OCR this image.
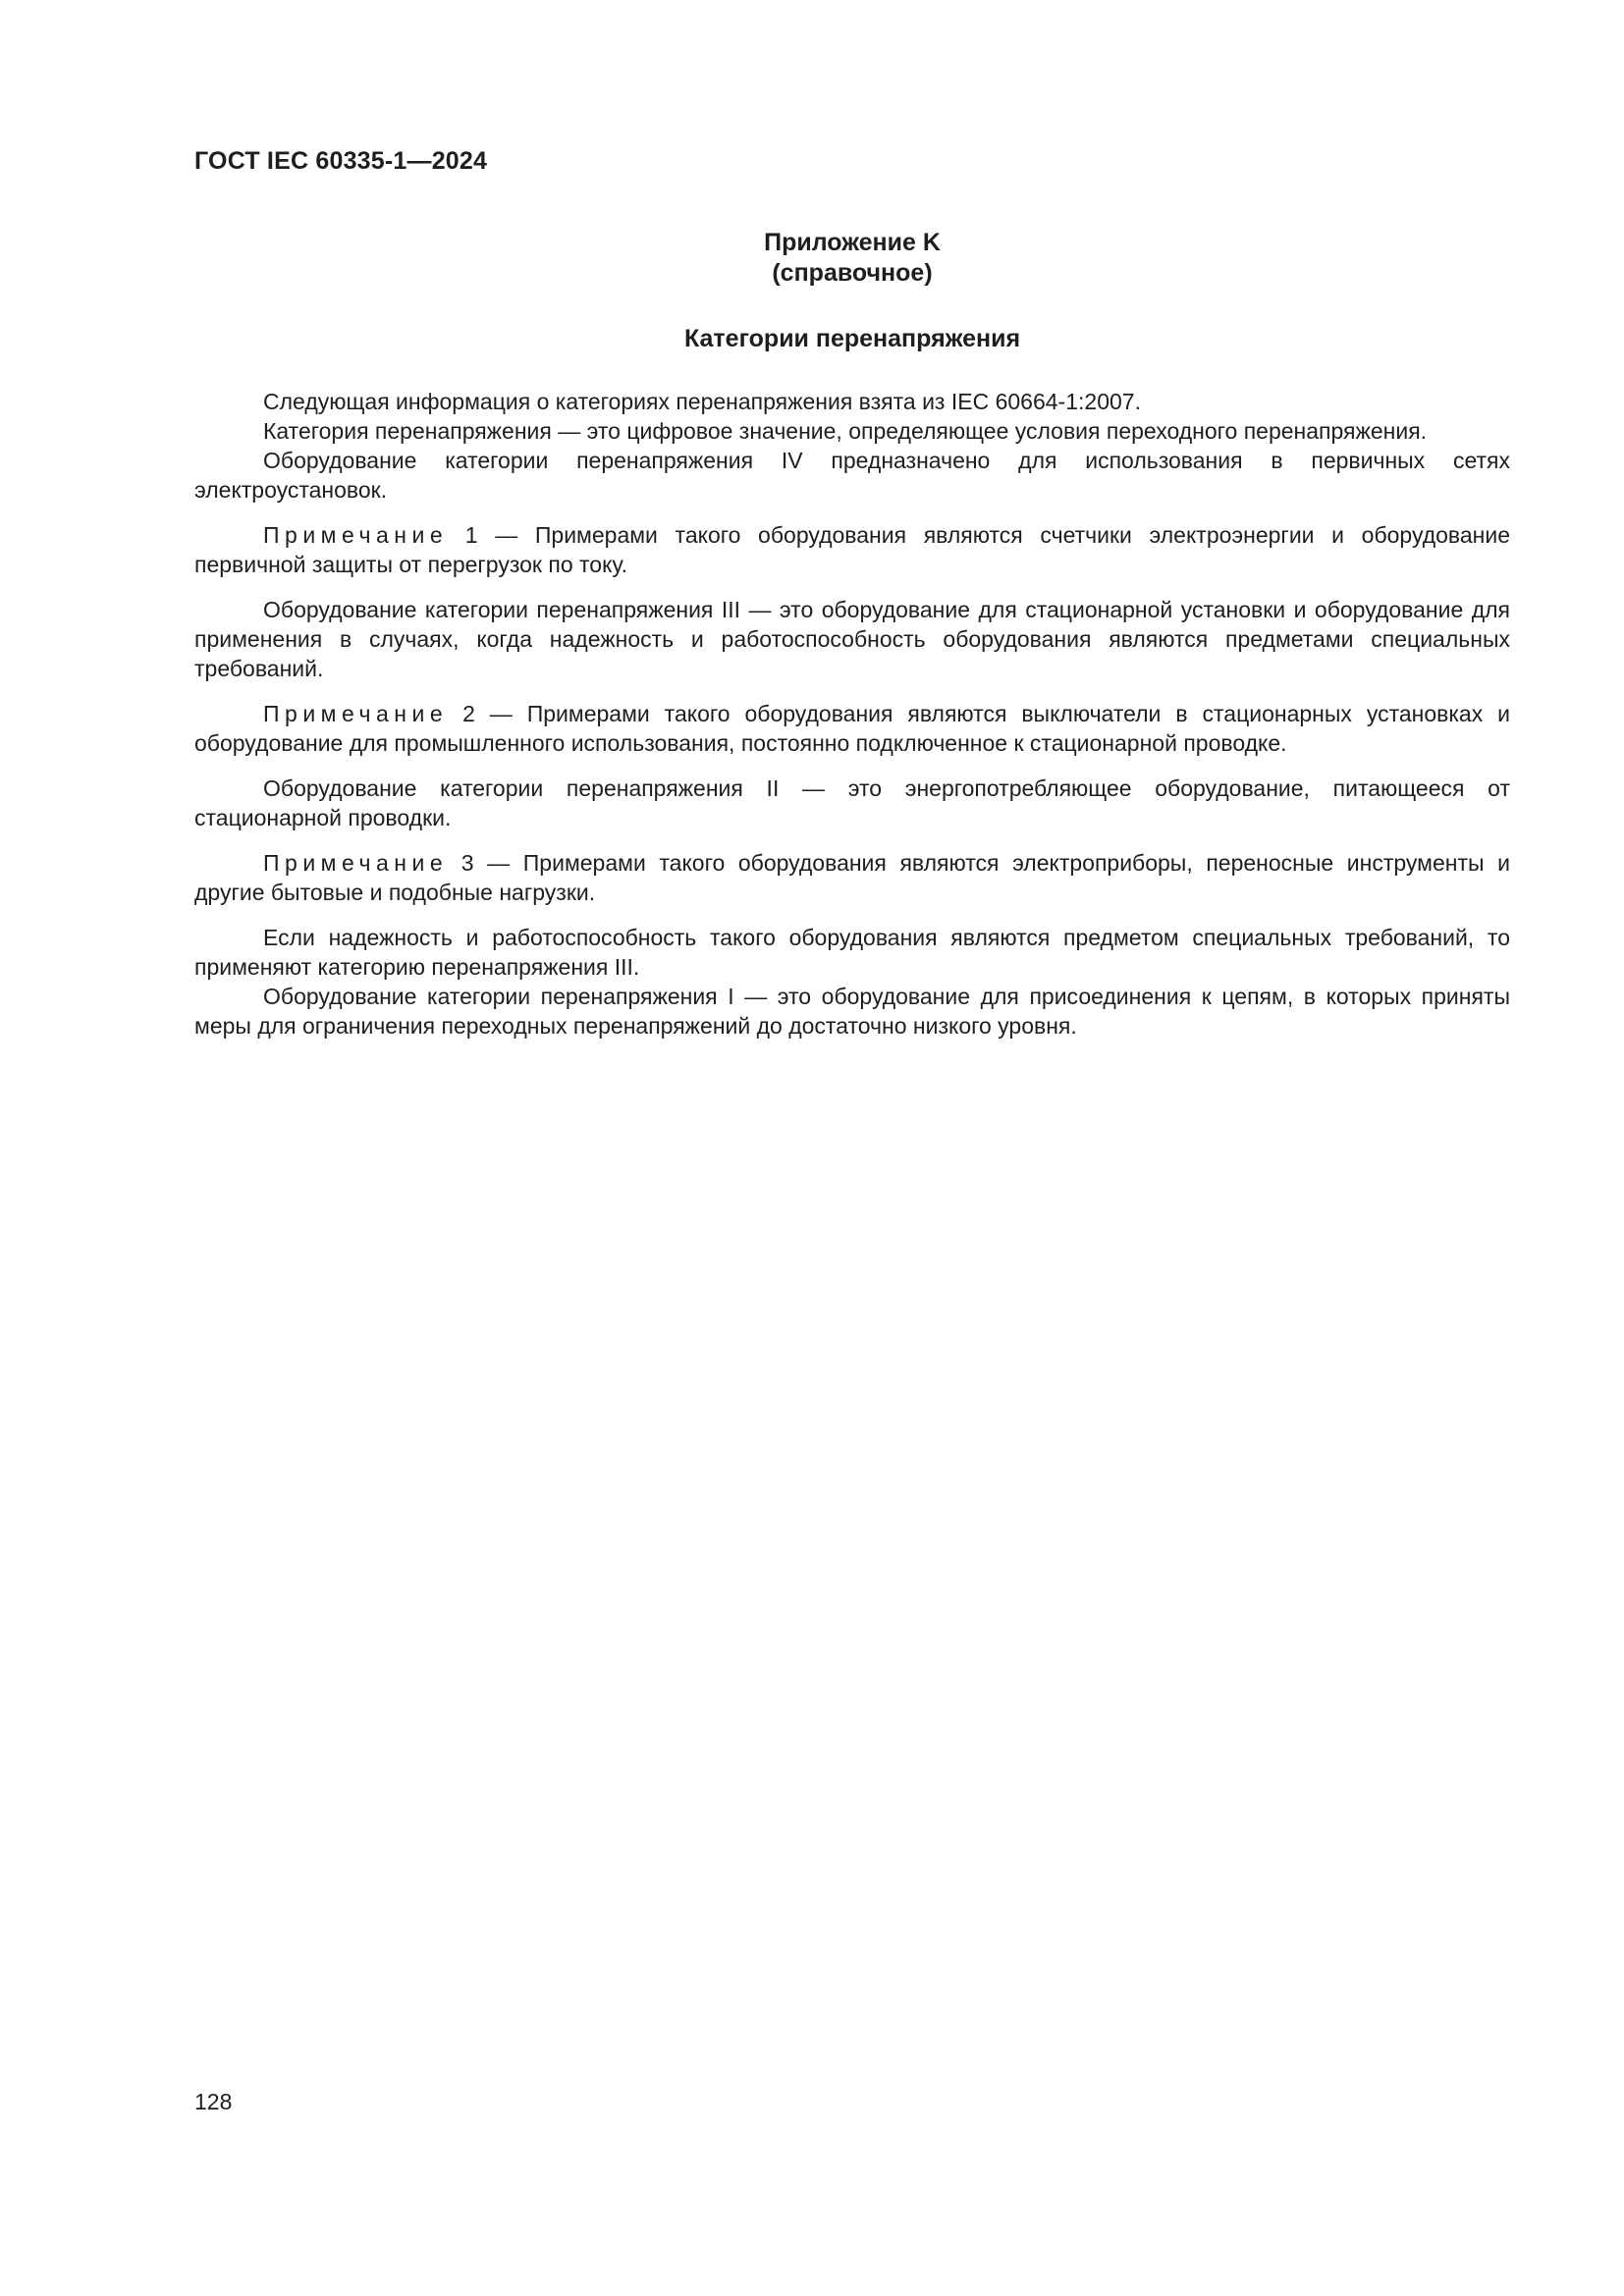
ГОСТ IEC 60335-1—2024
Приложение K
(справочное)
Категории перенапряжения

Следующая информация о категориях перенапряжения взята из IEC 60664-1:2007.

Категория перенапряжения — это цифровое значение, определяющее условия переходного перенапряжения.

Оборудование категории перенапряжения IV предназначено для использования в первичных сетях электроустановок.

Примечание 1 — Примерами такого оборудования являются счетчики электроэнергии и оборудование первичной защиты от перегрузок по току.

Оборудование категории перенапряжения III — это оборудование для стационарной установки и оборудование для применения в случаях, когда надежность и работоспособность оборудования являются предметами специальных требований.

Примечание 2 — Примерами такого оборудования являются выключатели в стационарных установках и оборудование для промышленного использования, постоянно подключенное к стационарной проводке.

Оборудование категории перенапряжения II — это энергопотребляющее оборудование, питающееся от стационарной проводки.

Примечание 3 — Примерами такого оборудования являются электроприборы, переносные инструменты и другие бытовые и подобные нагрузки.

Если надежность и работоспособность такого оборудования являются предметом специальных требований, то применяют категорию перенапряжения III.

Оборудование категории перенапряжения I — это оборудование для присоединения к цепям, в которых приняты меры для ограничения переходных перенапряжений до достаточно низкого уровня.

128
